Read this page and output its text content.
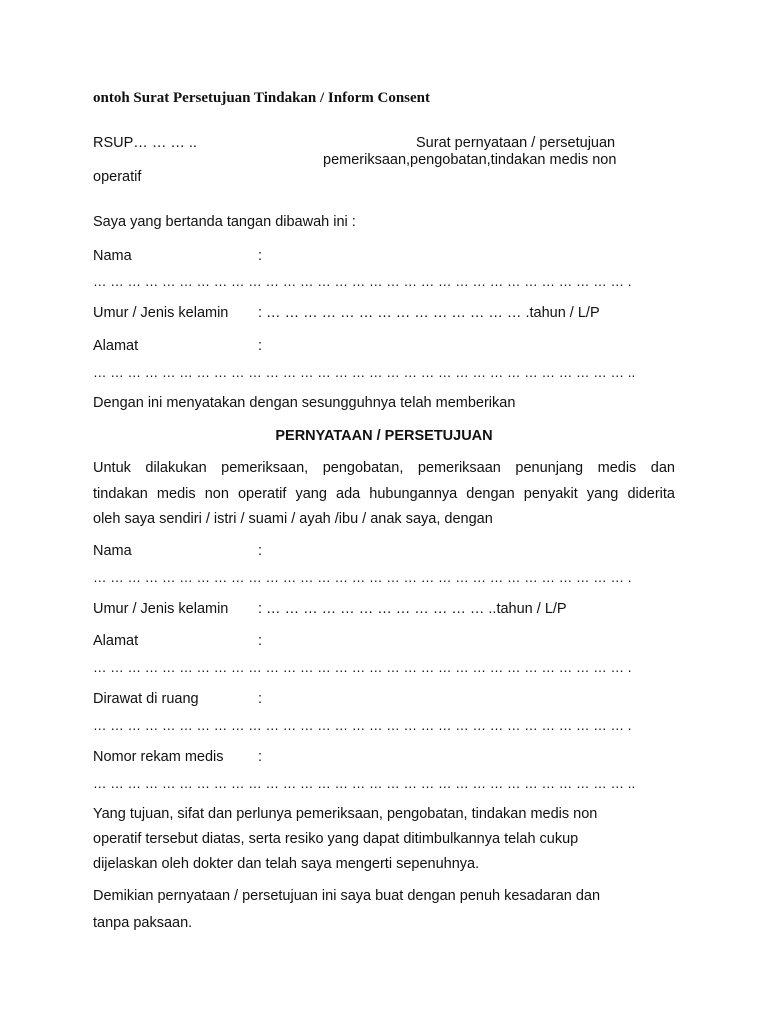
ontoh Surat Persetujuan Tindakan / Inform Consent
RSUP… … … ..	Surat pernyataan / persetujuan
pemeriksaan,pengobatan,tindakan medis non
operatif
Saya yang bertanda tangan dibawah ini :
Nama	:
… … … … … … … … … … … … … … … … … … … … … … … … … … … … … … … .
Umur / Jenis kelamin : … … … … … … … … … … … … … … .tahun / L/P
Alamat	:
… … … … … … … … … … … … … … … … … … … … … … … … … … … … … … … ..
Dengan ini menyatakan dengan sesungguhnya telah memberikan
PERNYATAAN / PERSETUJUAN
Untuk dilakukan pemeriksaan, pengobatan, pemeriksaan penunjang medis dan
tindakan medis non operatif yang ada hubungannya dengan penyakit yang diderita
oleh saya sendiri / istri / suami / ayah /ibu / anak saya, dengan
Nama	:
… … … … … … … … … … … … … … … … … … … … … … … … … … … … … … … .
Umur / Jenis kelamin : … … … … … … … … … … … … ..tahun / L/P
Alamat	:
… … … … … … … … … … … … … … … … … … … … … … … … … … … … … … … .
Dirawat di ruang	:
… … … … … … … … … … … … … … … … … … … … … … … … … … … … … … … .
Nomor rekam medis :
… … … … … … … … … … … … … … … … … … … … … … … … … … … … … … … ..
Yang tujuan, sifat dan perlunya pemeriksaan, pengobatan, tindakan medis non
operatif tersebut diatas, serta resiko yang dapat ditimbulkannya telah cukup
dijelaskan oleh dokter dan telah saya mengerti sepenuhnya.
Demikian pernyataan / persetujuan ini saya buat dengan penuh kesadaran dan
tanpa paksaan.
